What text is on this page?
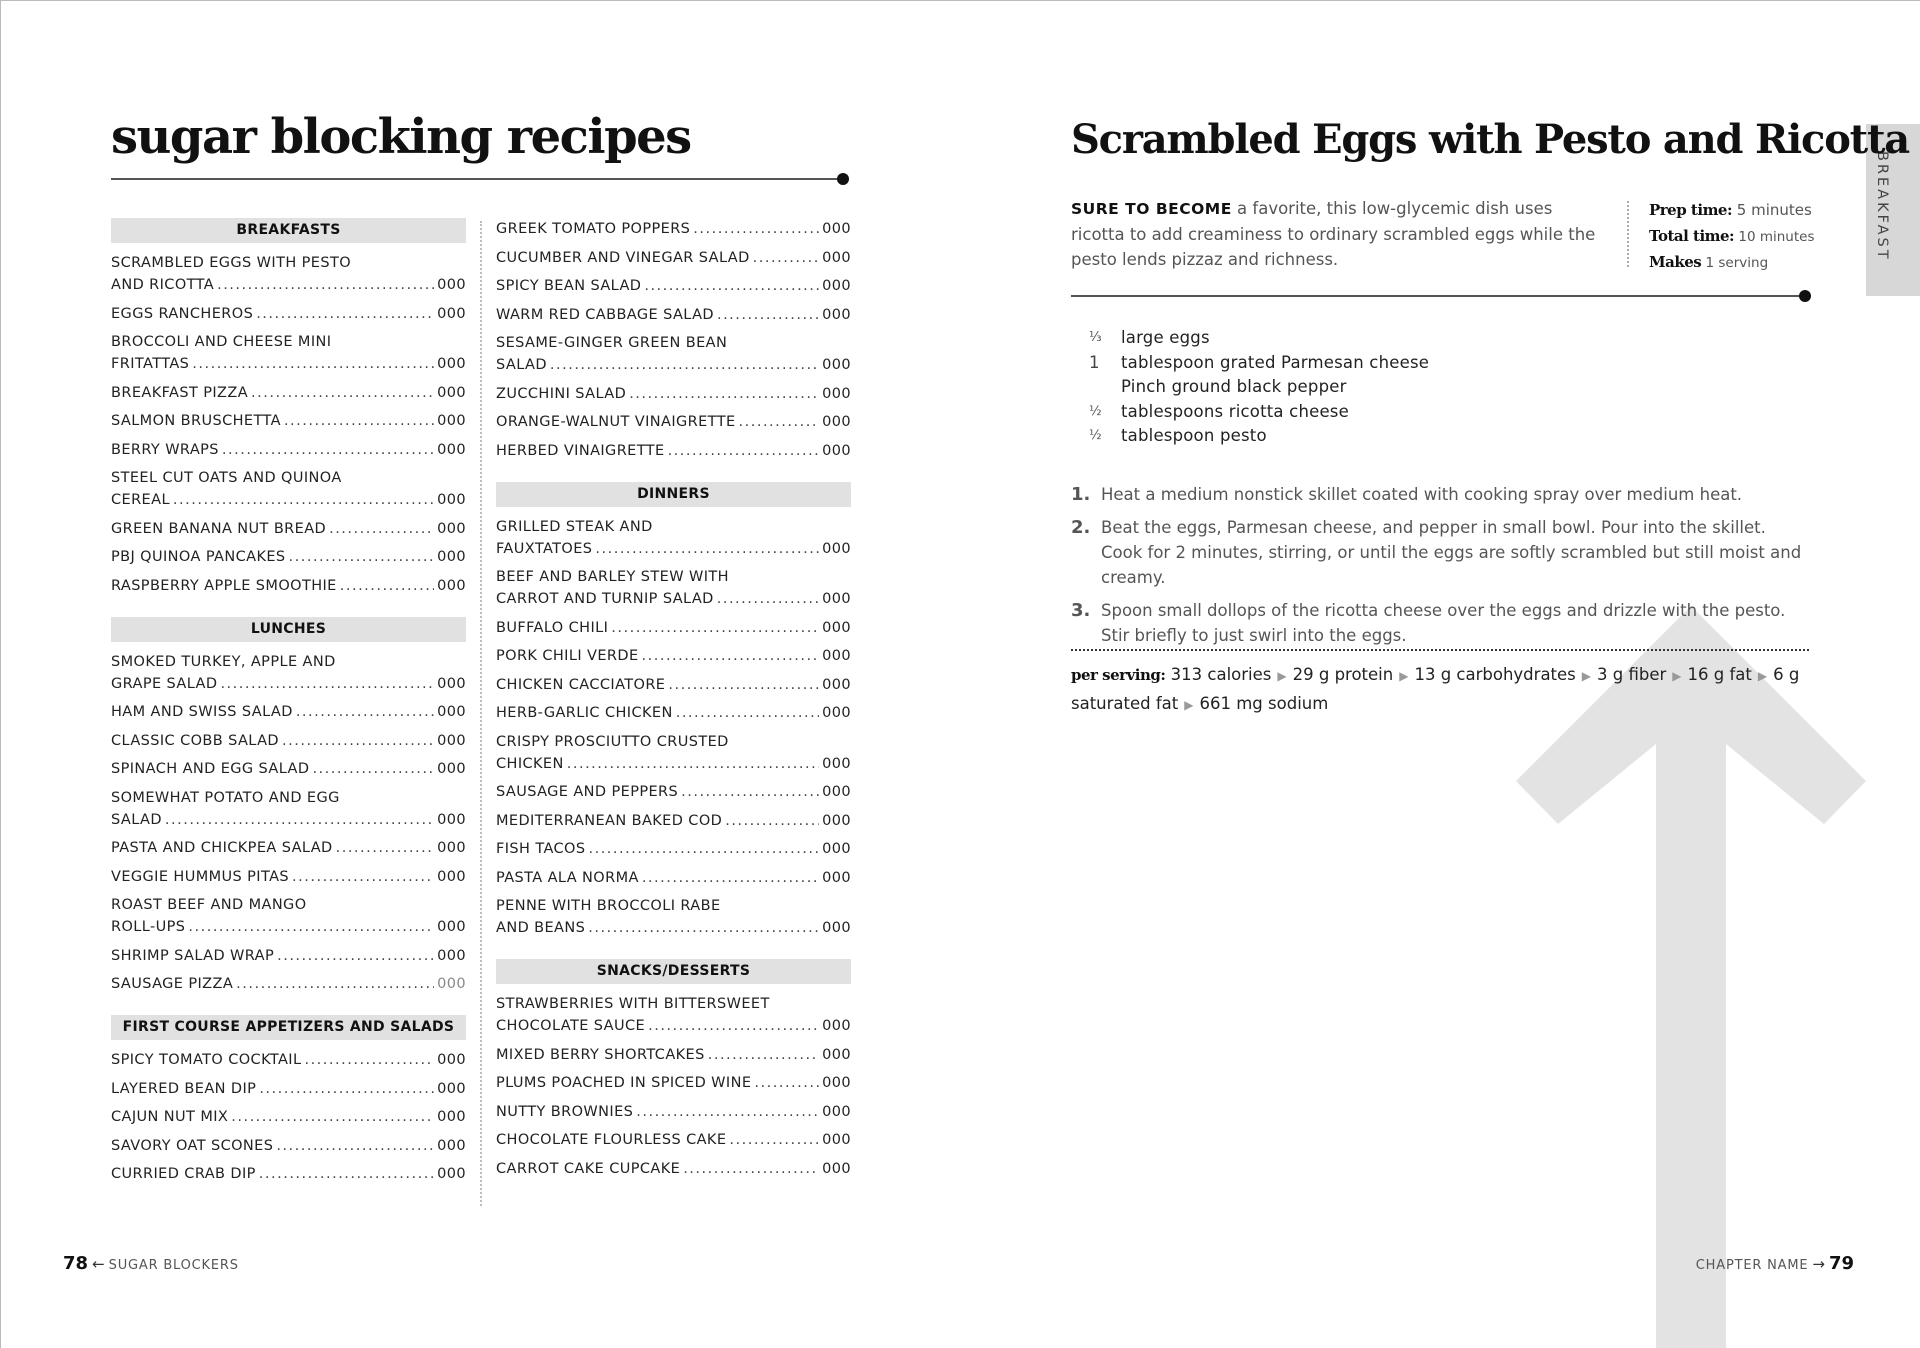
sugar blocking recipes
BREAKFASTS
SCRAMBLED EGGS WITH PESTO
AND RICOTTA .....	000
EGGS RANCHEROS .....	000
BROCCOLI AND CHEESE MINI
FRITATTAS .....	000
BREAKFAST PIZZA .....	000
SALMON BRUSCHETTA .....	000
BERRY WRAPS .....	000
STEEL CUT OATS AND QUINOA
CEREAL .....	000
GREEN BANANA NUT BREAD .....	000
PBJ QUINOA PANCAKES .....	000
RASPBERRY APPLE SMOOTHIE .....	000
LUNCHES
SMOKED TURKEY, APPLE AND
GRAPE SALAD .....	000
HAM AND SWISS SALAD .....	000
CLASSIC COBB SALAD .....	000
SPINACH AND EGG SALAD .....	000
SOMEWHAT POTATO AND EGG
SALAD .....	000
PASTA AND CHICKPEA SALAD .....	000
VEGGIE HUMMUS PITAS .....	000
ROAST BEEF AND MANGO
ROLL-UPS .....	000
SHRIMP SALAD WRAP .....	000
SAUSAGE PIZZA .....	000
FIRST COURSE APPETIZERS AND SALADS
SPICY TOMATO COCKTAIL .....	000
LAYERED BEAN DIP .....	000
CAJUN NUT MIX .....	000
SAVORY OAT SCONES .....	000
CURRIED CRAB DIP .....	000
GREEK TOMATO POPPERS .....	000
CUCUMBER AND VINEGAR SALAD .....	000
SPICY BEAN SALAD .....	000
WARM RED CABBAGE SALAD .....	000
SESAME-GINGER GREEN BEAN
SALAD .....	000
ZUCCHINI SALAD .....	000
ORANGE-WALNUT VINAIGRETTE .....	000
HERBED VINAIGRETTE .....	000
DINNERS
GRILLED STEAK AND
FAUXTATOES .....	000
BEEF AND BARLEY STEW WITH
CARROT AND TURNIP SALAD .....	000
BUFFALO CHILI .....	000
PORK CHILI VERDE .....	000
CHICKEN CACCIATORE .....	000
HERB-GARLIC CHICKEN .....	000
CRISPY PROSCIUTTO CRUSTED
CHICKEN .....	000
SAUSAGE AND PEPPERS .....	000
MEDITERRANEAN BAKED COD .....	000
FISH TACOS .....	000
PASTA ALA NORMA .....	000
PENNE WITH BROCCOLI RABE
AND BEANS .....	000
SNACKS/DESSERTS
STRAWBERRIES WITH BITTERSWEET
CHOCOLATE SAUCE .....	000
MIXED BERRY SHORTCAKES .....	000
PLUMS POACHED IN SPICED WINE .....	000
NUTTY BROWNIES .....	000
CHOCOLATE FLOURLESS CAKE .....	000
CARROT CAKE CUPCAKE .....	000
78 ← SUGAR BLOCKERS
BREAKFAST
Scrambled Eggs with Pesto and Ricotta

SURE TO BECOME a favorite, this low-glycemic dish uses ricotta to add creaminess to ordinary scrambled eggs while the pesto lends pizzaz and richness.

Prep time: 5 minutes
Total time: 10 minutes
Makes 1 serving
⅓	large eggs
1	tablespoon grated Parmesan cheese
Pinch ground black pepper
½	tablespoons ricotta cheese
½	tablespoon pesto
1. Heat a medium nonstick skillet coated with cooking spray over medium heat.
2. Beat the eggs, Parmesan cheese, and pepper in small bowl. Pour into the skillet. Cook for 2 minutes, stirring, or until the eggs are softly scrambled but still moist and creamy.
3. Spoon small dollops of the ricotta cheese over the eggs and drizzle with the pesto. Stir briefly to just swirl into the eggs.
per serving: 313 calories ▶ 29 g protein ▶ 13 g carbohydrates ▶ 3 g fiber ▶ 16 g fat ▶ 6 g saturated fat ▶ 661 mg sodium
CHAPTER NAME → 79
